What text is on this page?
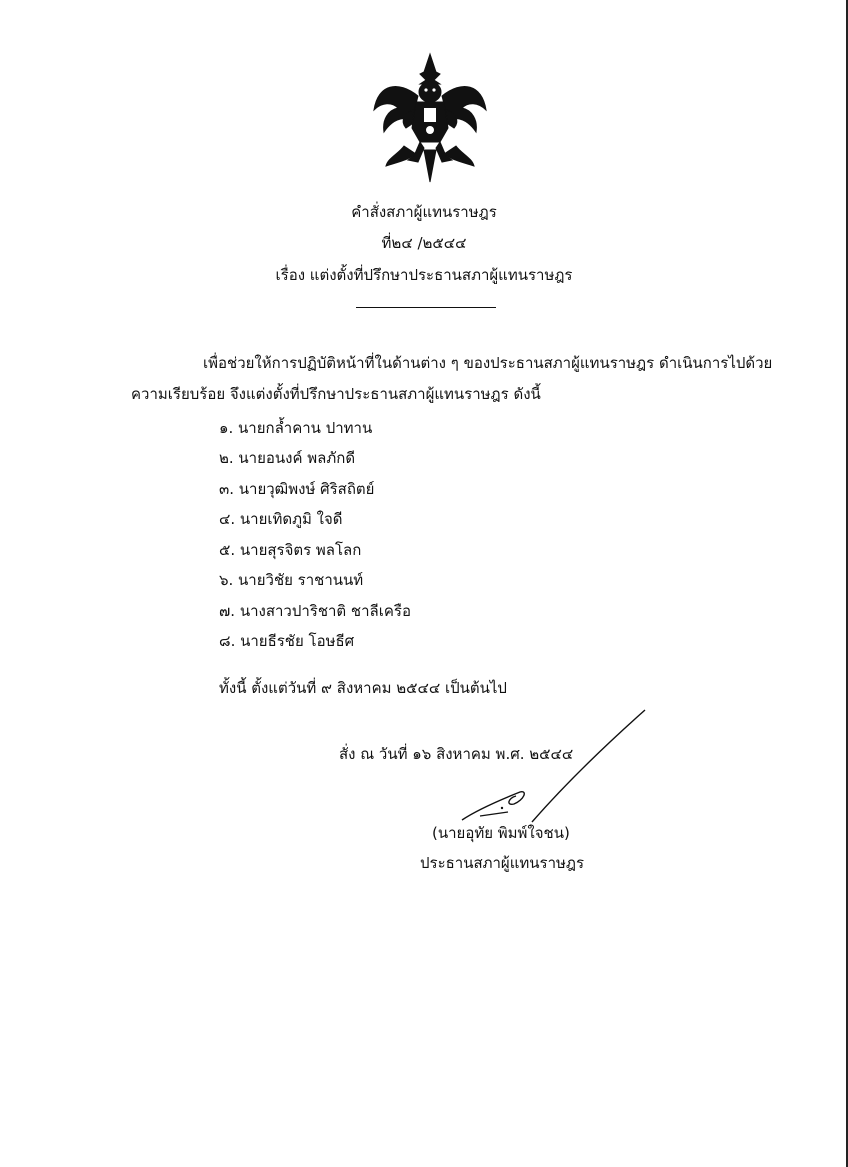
คำสั่งสภาผู้แทนราษฎร
ที่๒๔ /๒๕๔๔
เรื่อง แต่งตั้งที่ปรึกษาประธานสภาผู้แทนราษฎร
เพื่อช่วยให้การปฏิบัติหน้าที่ในด้านต่าง ๆ ของประธานสภาผู้แทนราษฎร ดำเนินการไปด้วย
ความเรียบร้อย จึงแต่งตั้งที่ปรึกษาประธานสภาผู้แทนราษฎร ดังนี้
๑. นายกล้ำคาน ปาทาน
๒. นายอนงค์ พลภักดี
๓. นายวุฒิพงษ์ ศิริสถิตย์
๔. นายเทิดภูมิ ใจดี
๕. นายสุรจิตร พลโลก
๖. นายวิชัย ราชานนท์
๗. นางสาวปาริชาติ ชาลีเครือ
๘. นายธีรชัย โอษธีศ
ทั้งนี้ ตั้งแต่วันที่ ๙ สิงหาคม ๒๕๔๔ เป็นต้นไป
สั่ง ณ วันที่ ๑๖ สิงหาคม พ.ศ. ๒๕๔๔
(นายอุทัย พิมพ์ใจชน)
ประธานสภาผู้แทนราษฎร
